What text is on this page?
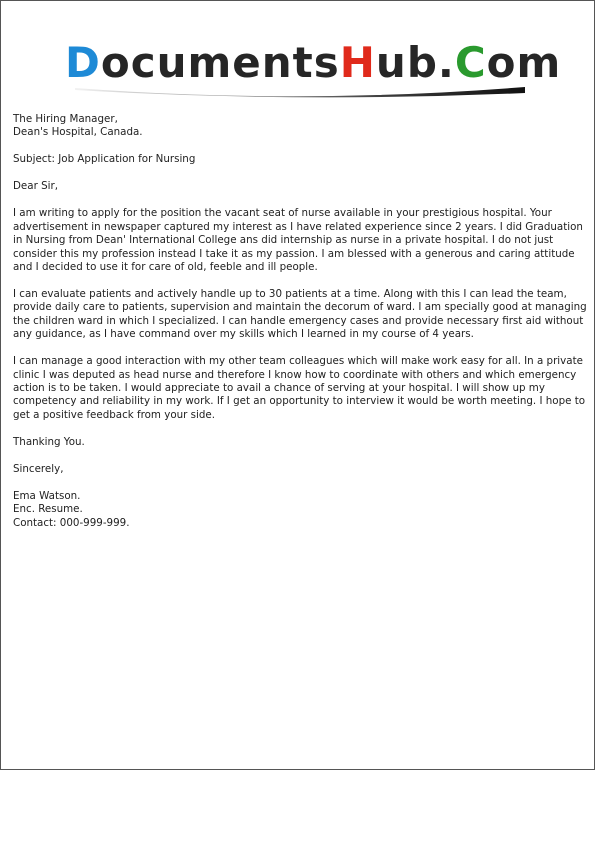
DocumentsHub.Com

The Hiring Manager,
Dean's Hospital, Canada.

Subject: Job Application for Nursing

Dear Sir,

I am writing to apply for the position the vacant seat of nurse available in your prestigious hospital. Your advertisement in newspaper captured my interest as I have related experience since 2 years. I did Graduation in Nursing from Dean' International College ans did internship as nurse in a private hospital. I do not just consider this my profession instead I take it as my passion. I am blessed with a generous and caring attitude and I decided to use it for care of old, feeble and ill people.

I can evaluate patients and actively handle up to 30 patients at a time. Along with this I can lead the team, provide daily care to patients, supervision and maintain the decorum of ward. I am specially good at managing the children ward in which I specialized. I can handle emergency cases and provide necessary first aid without any guidance, as I have command over my skills which I learned in my course of 4 years.

I can manage a good interaction with my other team colleagues which will make work easy for all. In a private clinic I was deputed as head nurse and therefore I know how to coordinate with others and which emergency action is to be taken. I would appreciate to avail a chance of serving at your hospital. I will show up my competency and reliability in my work. If I get an opportunity to interview it would be worth meeting. I hope to get a positive feedback from your side.

Thanking You.

Sincerely,

Ema Watson.
Enc. Resume.
Contact: 000-999-999.
